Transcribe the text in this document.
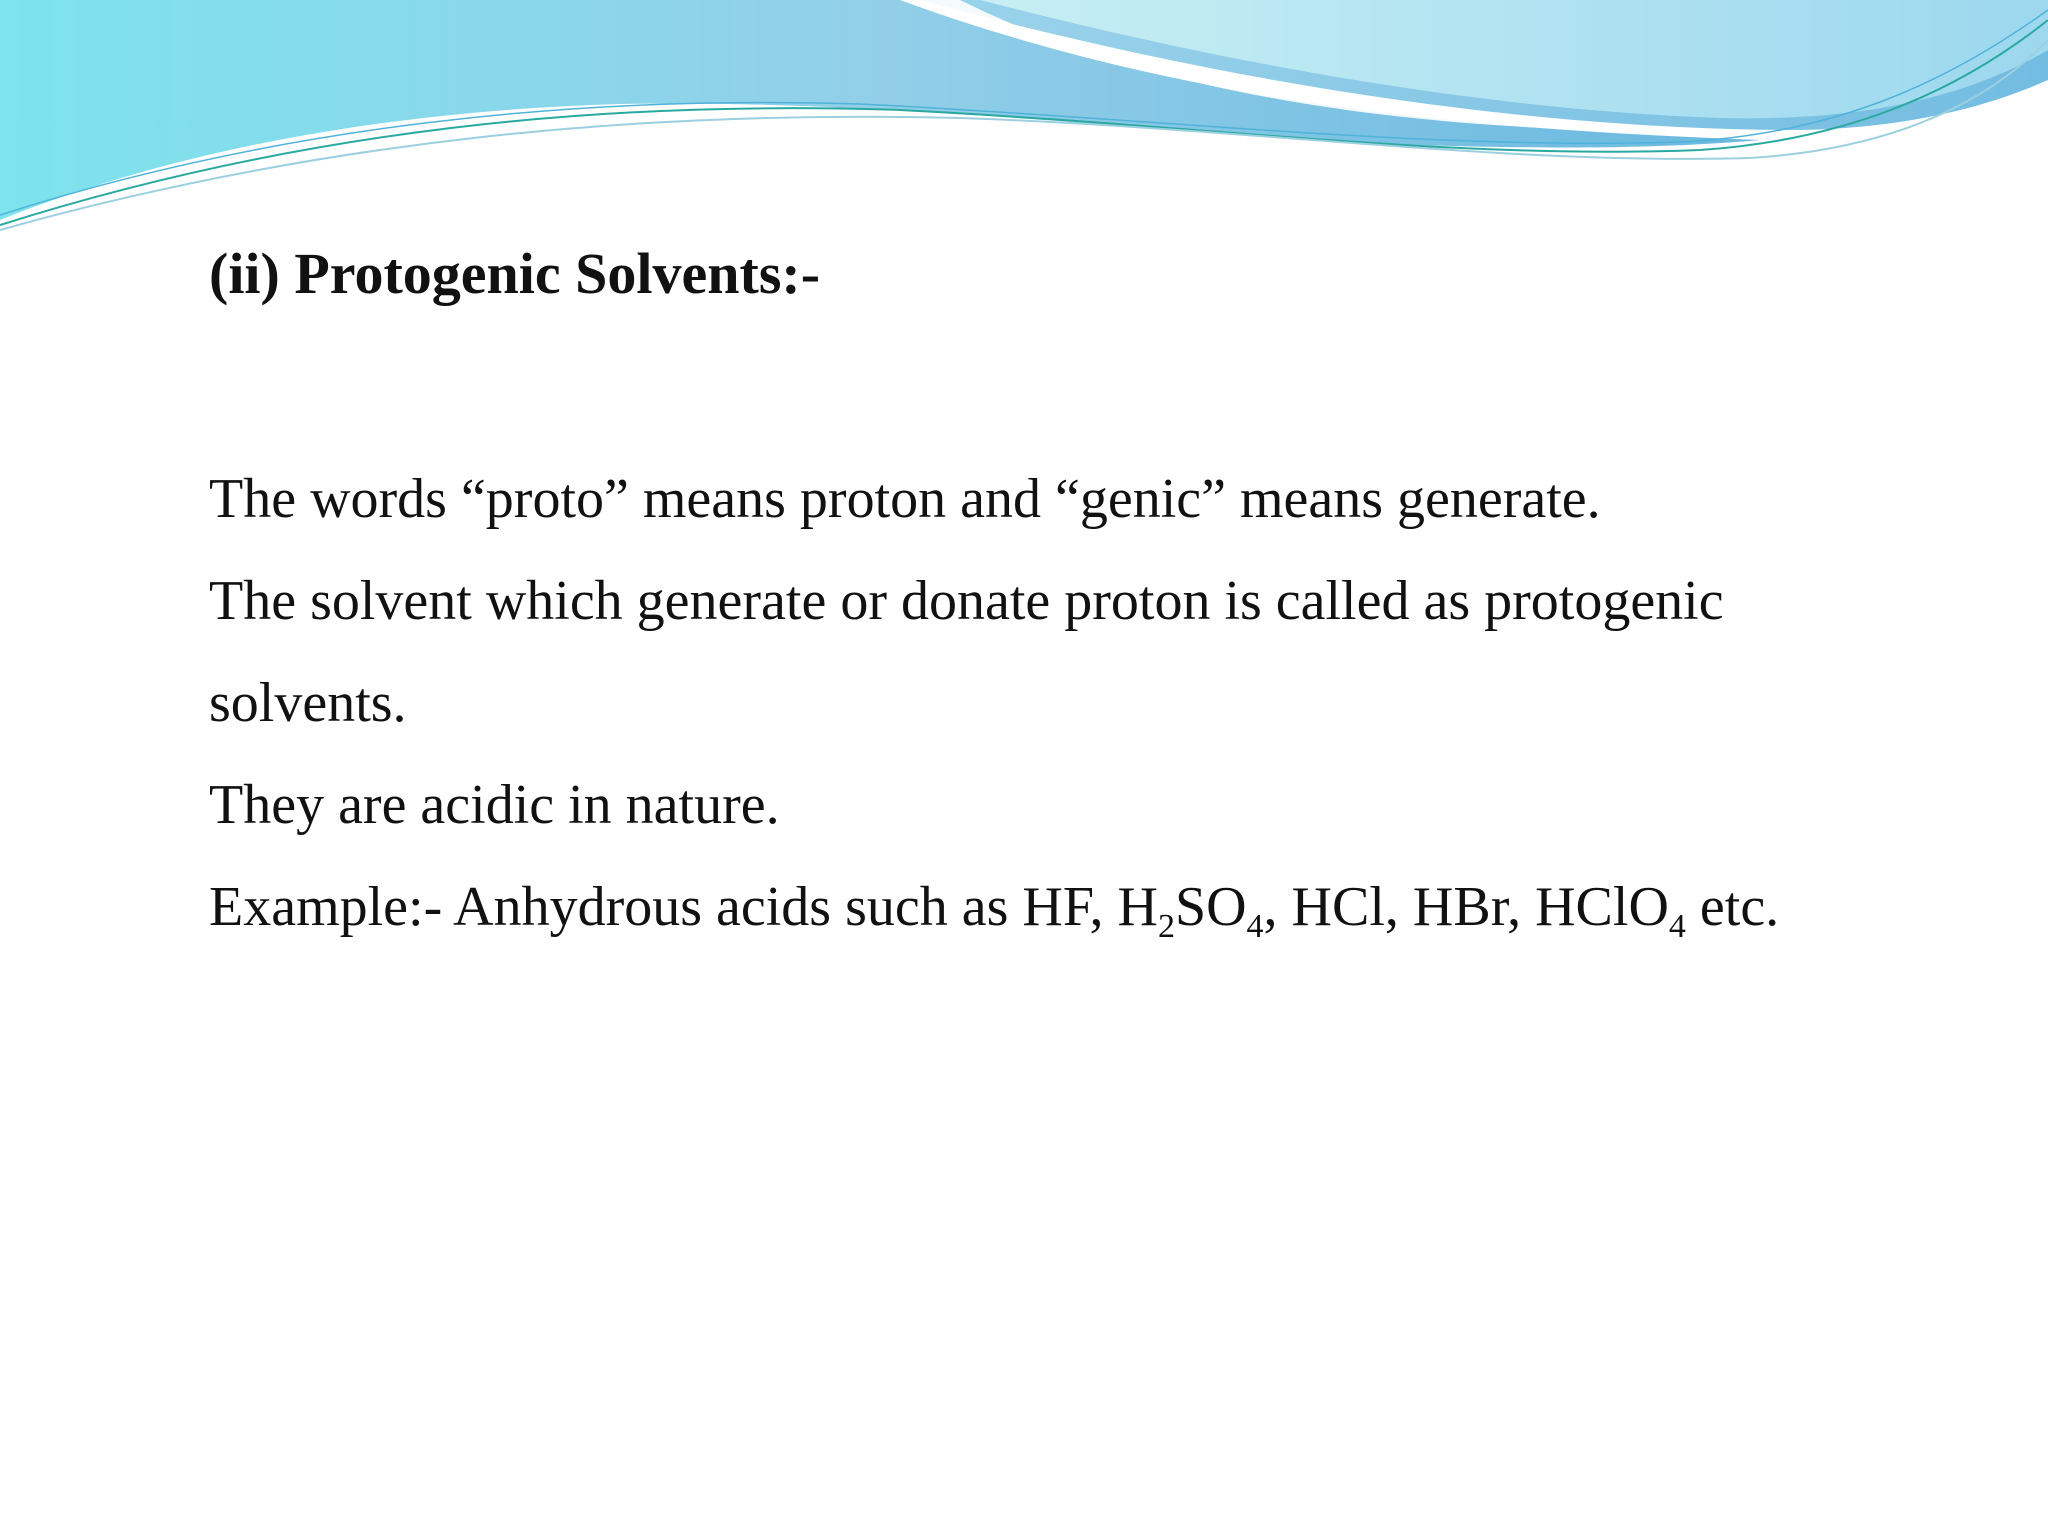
(ii) Protogenic Solvents:-

The words “proto” means proton and “genic” means generate.

The solvent which generate or donate proton is called as protogenic

solvents.

They are acidic in nature.

Example:- Anhydrous acids such as HF, $H_2SO_4$, HCl, HBr, HClO$_4$ etc.
